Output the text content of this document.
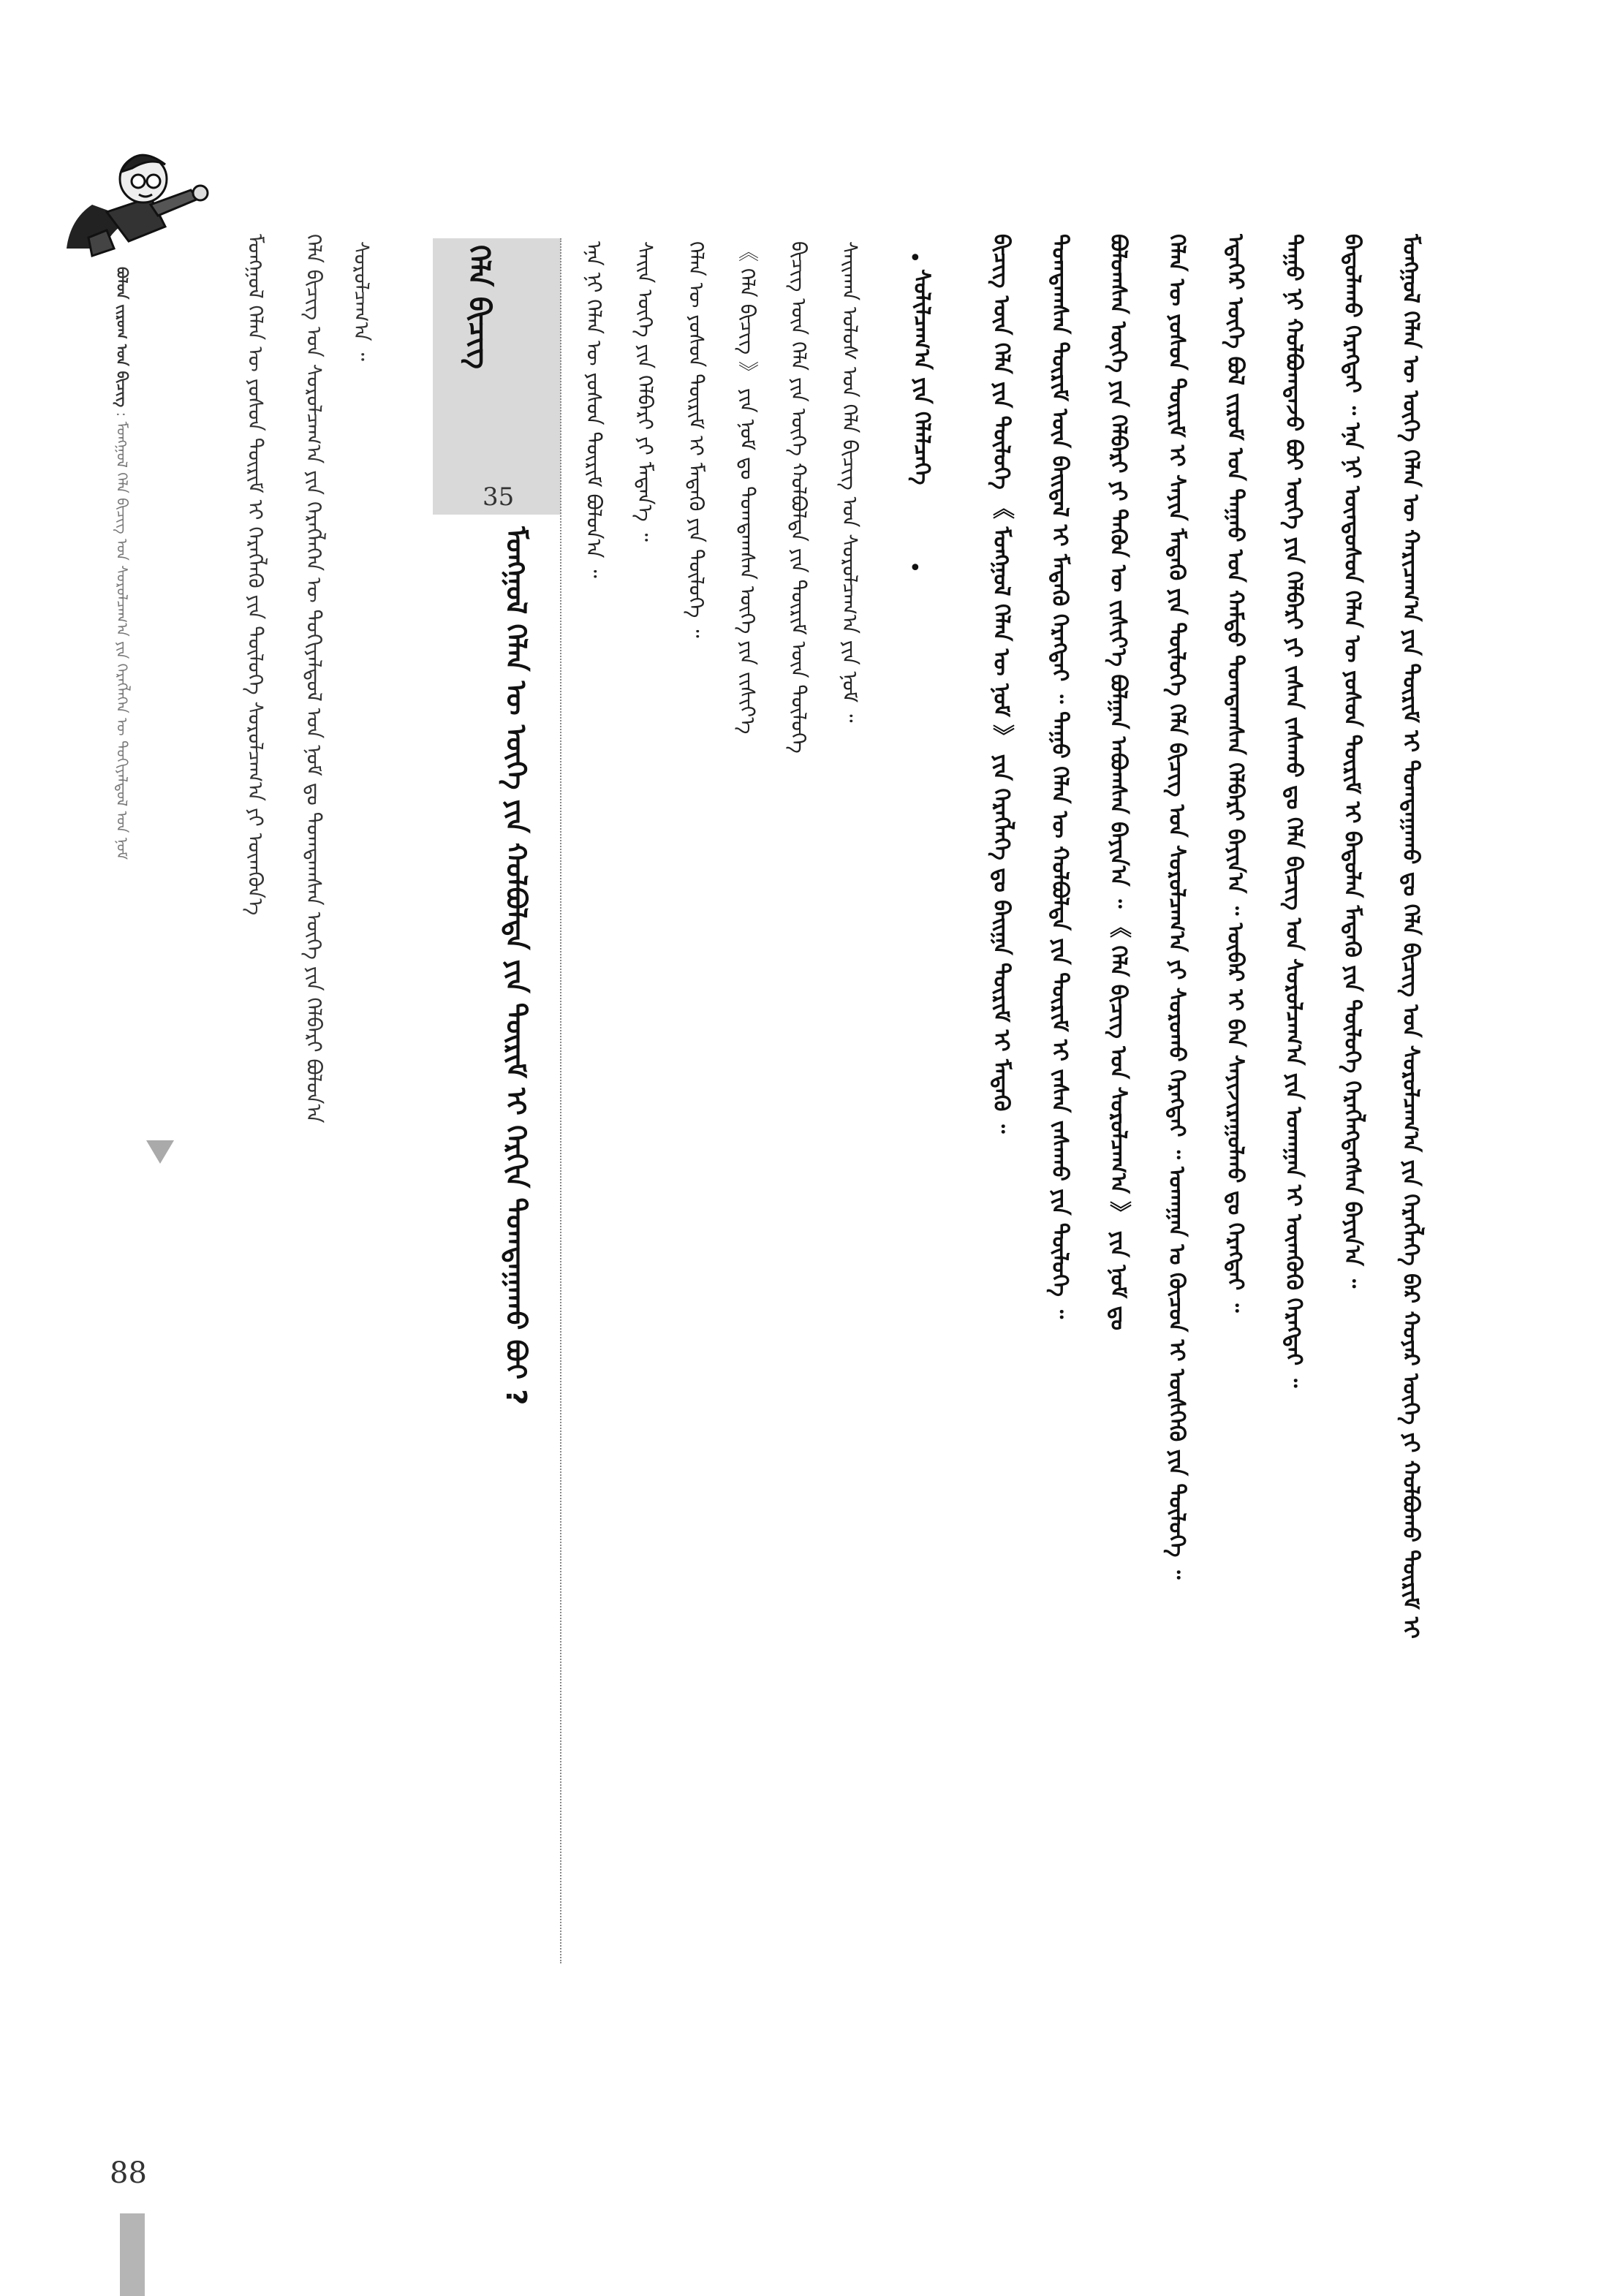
ᠪᠣᠯᠤᠨ ᠵᠢᠷᠤᠭ ᠤᠨ ᠪᠢᠴᠢᠭ᠌ : ᠮᠣᠩᠭᠣᠯ ᠬᠡᠯᠡ ᠪᠢᠴᠢᠭ ᠤᠨ ᠰᠤᠷᠤᠯᠴᠠᠭ᠎ᠠ ᠶᠢᠨ ᠬᠡᠷᠡᠭᠯᠡᠭᠡᠨ ᠦ ᠲᠣᠬᠢᠶᠠᠯᠳᠤᠯ ᠤᠨ ᠨᠣᠮ	ᠮᠣᠩᠭᠣᠯ ᠬᠡᠯᠡᠨ ᠦ ᠶᠣᠰᠣᠨ ᠳᠦᠷᠢᠮ ᠢ ᠬᠡᠷᠡᠭᠯᠡᠬᠦ ᠶᠢᠨ ᠲᠥᠯᠦᠭᠡ ᠰᠤᠷᠤᠯᠴᠠᠭ᠎ᠠ ᠶᠢ ᠥᠭ᠍ᠭᠦᠨ᠎ᠡ ᠬᠡᠯᠡ ᠪᠢᠴᠢᠭ ᠤᠨ ᠰᠤᠷᠤᠯᠴᠠᠭ᠎ᠠ ᠶᠢᠨ ᠬᠡᠷᠡᠭᠯᠡᠭᠡᠨ ᠦ ᠲᠣᠬᠢᠶᠠᠯᠳᠤᠯ ᠤᠨ ᠨᠣᠮ ᠳᠤ ᠲᠣᠭᠲᠠᠭᠰᠠᠨ ᠦᠭᠡ ᠶᠢᠨ ᠬᠡᠯᠪᠡᠷᠢ ᠪᠣᠯᠤᠨ᠎ᠠ ᠰᠤᠷᠤᠯᠴᠠᠭ᠎ᠠ ᠃	ᠬᠡᠯᠡ ᠪᠢᠴᠢᠭ
35
ᠮᠣᠩᠭᠣᠯ ᠬᠡᠯᠡᠨ ᠦ ᠦᠭᠡ ᠶᠢᠨ ᠬᠣᠯᠪᠣᠯᠲᠠ ᠶᠢᠨ ᠳᠦᠷᠢᠮ ᠢ ᠬᠡᠷᠬᠢᠨ ᠲᠣᠭᠲᠠᠭᠠᠬᠤ ᠪᠤᠢ ?
ᠡᠨᠡ ᠨᠢ ᠬᠡᠯᠡᠨ ᠦ ᠶᠣᠰᠣᠨ ᠳᠦᠷᠢᠮ ᠪᠣᠯᠤᠨ᠎ᠠ ᠃ ᠰᠠᠢᠨ ᠦᠭᠡ ᠶᠢᠨ ᠬᠡᠯᠪᠡᠷᠢ ᠶᠢ ᠮᠡᠳᠡᠨ᠎ᠡ ᠃ ᠬᠡᠯᠡᠨ ᠦ ᠶᠣᠰᠣᠨ ᠳᠦᠷᠢᠮ ᠢ ᠮᠡᠳᠡᠬᠦ ᠶᠢᠨ ᠲᠥᠯᠦᠭᠡ ᠃ 《 ᠬᠡᠯᠡ ᠪᠢᠴᠢᠭ 》 ᠶᠢᠨ ᠨᠣᠮ ᠳᠤ ᠲᠣᠭᠲᠠᠭᠰᠠᠨ ᠦᠭᠡ ᠶᠢᠨ ᠵᠢᠱᠢᠶ᠎ᠡ ᠪᠢᠴᠢᠭ᠌ ᠦᠨ ᠬᠡᠯᠡ ᠶᠢᠨ ᠦᠭᠡ ᠬᠣᠯᠪᠣᠯᠲᠠ ᠶᠢᠨ ᠳᠦᠷᠢᠮ ᠦᠨ ᠲᠥᠯᠦᠭᠡ ᠰᠠᠢᠬᠠᠨ ᠤᠯᠤᠰ ᠤᠨ ᠬᠡᠯᠡ ᠪᠢᠴᠢᠭ ᠤᠨ ᠰᠤᠷᠤᠯᠴᠠᠭ᠎ᠠ ᠶᠢᠨ ᠨᠣᠮ ᠃ •
ᠰᠣᠯᠢᠯᠴᠠᠭ᠎ᠠ ᠶᠢᠨ ᠬᠡᠯᠡᠯᠴᠡᠭᠡ
•	ᠪᠢᠴᠢᠭ᠌ ᠦᠨ ᠬᠡᠯᠡ ᠶᠢᠨ ᠲᠥᠯᠦᠭᠡ 《 ᠮᠣᠩᠭᠣᠯ ᠬᠡᠯᠡᠨ ᠦ ᠨᠣᠮ 》 ᠶᠢᠨ ᠬᠡᠷᠡᠭᠯᠡᠭᠡ ᠳᠤ ᠪᠠᠢᠭᠠ ᠳᠦᠷᠢᠮ ᠢ ᠮᠡᠳᠡᠬᠦ ᠃ ᠲᠣᠭᠲᠠᠭᠰᠠᠨ ᠳᠦᠷᠢᠮ ᠦᠨ ᠪᠠᠢᠳᠠᠯ ᠢ ᠮᠡᠳᠡᠬᠦ ᠬᠡᠷᠡᠭᠲᠡᠢ ᠃ ᠳᠠᠭᠤ ᠬᠡᠯᠡᠨ ᠦ ᠬᠣᠯᠪᠣᠯᠲᠠ ᠶᠢᠨ ᠳᠦᠷᠢᠮ ᠢ ᠵᠠᠰᠠᠨ ᠵᠠᠰᠠᠬᠤ ᠶᠢᠨ ᠲᠥᠯᠦᠭᠡ ᠃ ᠪᠣᠯᠣᠭᠰᠠᠨ ᠦᠭᠡ ᠶᠢᠨ ᠬᠡᠯᠪᠡᠷᠢ ᠶᠢ ᠲᠡᠭᠦᠨ ᠦ ᠵᠢᠱᠢᠶ᠎ᠡ ᠪᠣᠯᠭᠠᠨ ᠠᠪᠤᠭᠰᠠᠨ ᠪᠠᠶᠢᠨ᠎ᠠ ᠃ 《 ᠬᠡᠯᠡ ᠪᠢᠴᠢᠭ ᠤᠨ ᠰᠤᠷᠤᠯᠴᠠᠭ᠎ᠠ 》 ᠶᠢᠨ ᠨᠣᠮ ᠳᠤ ᠬᠡᠯᠡᠨ ᠦ ᠶᠣᠰᠣᠨ ᠳᠦᠷᠢᠮ ᠢ ᠰᠠᠶᠢᠨ ᠮᠡᠳᠡᠬᠦ ᠶᠢᠨ ᠲᠥᠯᠦᠭᠡ ᠬᠡᠯᠡ ᠪᠢᠴᠢᠭ ᠤᠨ ᠰᠤᠷᠤᠯᠴᠠᠭ᠎ᠠ ᠶᠢ ᠰᠤᠷᠤᠬᠤ ᠬᠡᠷᠡᠭᠲᠡᠢ ᠃ ᠤᠬᠠᠭᠠᠨ ᠤ ᠬᠦᠴᠦᠨ ᠢ ᠥᠰᠬᠡᠬᠦ ᠶᠢᠨ ᠲᠥᠯᠦᠭᠡ ᠃ ᠡᠳᠡᠭᠡᠷ ᠦᠭᠡ ᠪᠣᠯ ᠵᠢᠷᠤᠮ ᠤᠨ ᠳᠠᠭᠠᠤ ᠤᠨ ᠬᠠᠮᠲᠤ ᠲᠣᠭᠲᠠᠭᠰᠠᠨ ᠬᠡᠯᠪᠡᠷᠢ ᠪᠠᠶᠢᠨ᠎ᠠ ᠃ ᠥᠪᠡᠷ ᠢ ᠪᠡᠨ ᠰᠠᠶᠢᠵᠢᠷᠠᠭᠤᠯᠬᠤ ᠳᠤ ᠬᠡᠷᠡᠭᠲᠡᠢ ᠃ ᠳᠠᠭᠤ ᠨᠢ ᠬᠣᠯᠪᠣᠭᠳᠠᠵᠤ ᠪᠤᠢ ᠦᠭᠡ ᠶᠢᠨ ᠬᠡᠯᠪᠡᠷᠢ ᠶᠢ ᠵᠠᠰᠠᠨ ᠵᠠᠰᠠᠬᠤ ᠳᠤ ᠬᠡᠯᠡ ᠪᠢᠴᠢᠭ ᠤᠨ ᠰᠤᠷᠤᠯᠴᠠᠭ᠎ᠠ ᠶᠢᠨ ᠤᠬᠠᠭᠠᠨ ᠢ ᠥᠭ᠍ᠭᠦᠬᠦ ᠬᠡᠷᠡᠭᠲᠡᠢ ᠃ ᠪᠠᠳᠤᠯᠠᠬᠤ ᠬᠡᠷᠡᠭᠲᠡᠢ ᠃ ᠡᠨᠡ ᠨᠢ ᠦᠨᠳᠦᠰᠦᠨ ᠬᠡᠯᠡᠨ ᠦ ᠶᠣᠰᠣᠨ ᠳᠦᠷᠢᠮ ᠢ ᠪᠠᠲᠤᠯᠠᠨ ᠮᠡᠳᠡᠬᠦ ᠶᠢᠨ ᠲᠥᠯᠦᠭᠡ ᠬᠡᠷᠡᠭᠯᠡᠭᠳᠡᠭᠰᠡᠨ ᠪᠠᠶᠢᠨ᠎ᠠ ᠃ ᠮᠣᠩᠭᠣᠯ ᠬᠡᠯᠡᠨ ᠦ ᠦᠭᠡ ᠬᠡᠯᠡᠨ ᠦ ᠬᠠᠷᠢᠴᠠᠭ᠎ᠠ ᠶᠢᠨ ᠳᠦᠷᠢᠮ ᠢ ᠲᠣᠭᠲᠠᠭᠠᠬᠤ ᠳᠤ ᠬᠡᠯᠡ ᠪᠢᠴᠢᠭ ᠤᠨ ᠰᠤᠷᠤᠯᠴᠠᠭ᠎ᠠ ᠶᠢᠨ ᠬᠡᠷᠡᠭᠯᠡᠭᠡ ᠪᠡᠷ ᠬᠣᠶᠠᠷ ᠦᠭᠡ ᠶᠢ ᠬᠣᠯᠪᠣᠬᠤ ᠳᠦᠷᠢᠮ ᠢ
88
